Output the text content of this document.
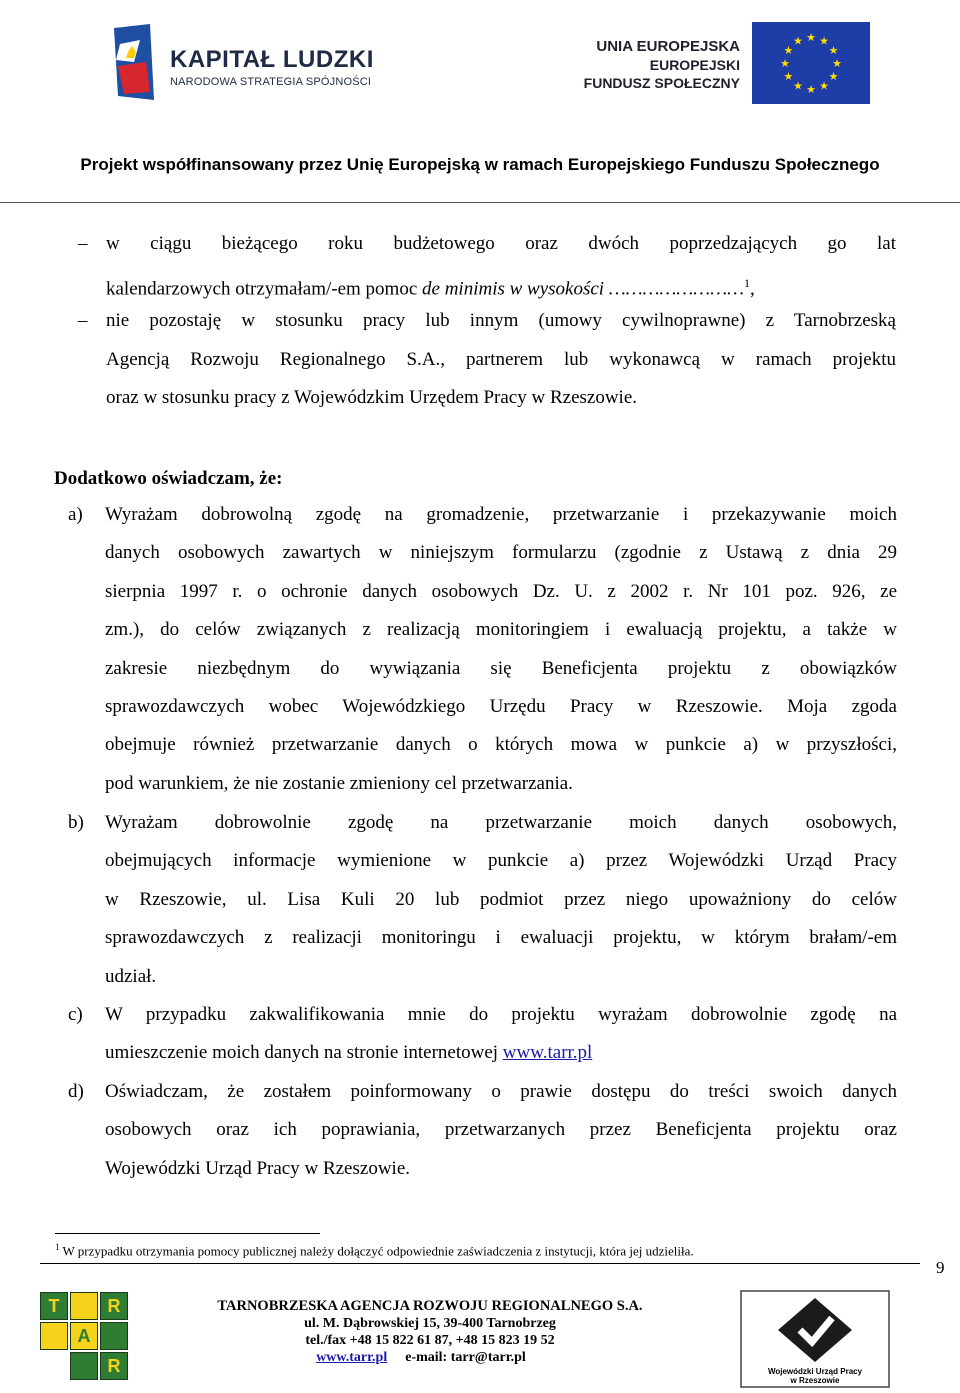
KAPITAŁ LUDZKI
NARODOWA STRATEGIA SPÓJNOŚCI
UNIA EUROPEJSKA
EUROPEJSKI
FUNDUSZ SPOŁECZNY
★
★
★
★
★
★
★
★
★ ★ ★
★
Projekt współfinansowany przez Unię Europejską w ramach Europejskiego Funduszu Społecznego
– w ciągu bieżącego roku budżetowego oraz dwóch poprzedzających go lat
kalendarzowych otrzymałam/-em pomoc de minimis w wysokości ……………………$^1$,
– nie pozostaję w stosunku pracy lub innym (umowy cywilnoprawne) z Tarnobrzeską
Agencją Rozwoju Regionalnego S.A., partnerem lub wykonawcą w ramach projektu
oraz w stosunku pracy z Wojewódzkim Urzędem Pracy w Rzeszowie.
Dodatkowo oświadczam, że:
a) Wyrażam dobrowolną zgodę na gromadzenie, przetwarzanie i przekazywanie moich
danych osobowych zawartych w niniejszym formularzu (zgodnie z Ustawą z dnia 29
sierpnia 1997 r. o ochronie danych osobowych Dz. U. z 2002 r. Nr 101 poz. 926, ze
zm.), do celów związanych z realizacją monitoringiem i ewaluacją projektu, a także w
zakresie niezbędnym do wywiązania się Beneficjenta projektu z obowiązków
sprawozdawczych wobec Wojewódzkiego Urzędu Pracy w Rzeszowie. Moja zgoda
obejmuje również przetwarzanie danych o których mowa w punkcie a) w przyszłości,
pod warunkiem, że nie zostanie zmieniony cel przetwarzania.
b) Wyrażam dobrowolnie zgodę na przetwarzanie moich danych osobowych,
obejmujących informacje wymienione w punkcie a) przez Wojewódzki Urząd Pracy
w Rzeszowie, ul. Lisa Kuli 20 lub podmiot przez niego upoważniony do celów
sprawozdawczych z realizacji monitoringu i ewaluacji projektu, w którym brałam/-em
udział.
c) W przypadku zakwalifikowania mnie do projektu wyrażam dobrowolnie zgodę na
umieszczenie moich danych na stronie internetowej www.tarr.pl
d) Oświadczam, że zostałem poinformowany o prawie dostępu do treści swoich danych
osobowych oraz ich poprawiania, przetwarzanych przez Beneficjenta projektu oraz
Wojewódzki Urząd Pracy w Rzeszowie.
$^1$ W przypadku otrzymania pomocy publicznej należy dołączyć odpowiednie zaświadczenia z instytucji, która jej udzieliła.
9
T	R
A
R
TARNOBRZESKA AGENCJA ROZWOJU REGIONALNEGO S.A.
ul. M. Dąbrowskiej 15, 39-400 Tarnobrzeg
tel./fax +48 15 822 61 87, +48 15 823 19 52
www.tarr.pl e-mail: tarr@tarr.pl
Wojewódzki Urząd Pracy
w Rzeszowie
